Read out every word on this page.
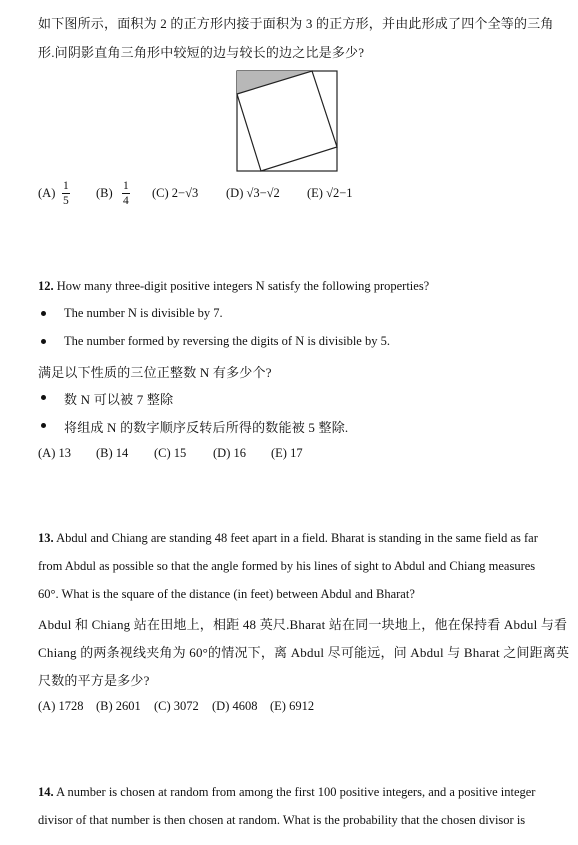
如下图所示，面积为 2 的正方形内接于面积为 3 的正方形，并由此形成了四个全等的三角
形.问阴影直角三角形中较短的边与较长的边之比是多少?
$(A) \frac{1}{5} (B) \frac{1}{4} (C)$ 2−√3 (D) √3−√2 (E) √2−1
12. How many three-digit positive integers N satisfy the following properties?
The number N is divisible by 7.
The number formed by reversing the digits of N is divisible by 5.
满足以下性质的三位正整数 N 有多少个?
数 N 可以被 7 整除
将组成 N 的数字顺序反转后所得的数能被 5 整除.
(A) 13 (B) 14 (C) 15 (D) 16 (E) 17
13. Abdul and Chiang are standing 48 feet apart in a field. Bharat is standing in the same field as far
from Abdul as possible so that the angle formed by his lines of sight to Abdul and Chiang measures
60°. What is the square of the distance (in feet) between Abdul and Bharat?
Abdul 和 Chiang 站在田地上，相距 48 英尺.Bharat 站在同一块地上，他在保持看 Abdul 与看
Chiang 的两条视线夹角为 60°的情况下，离 Abdul 尽可能远，问 Abdul 与 Bharat 之间距离英
尺数的平方是多少?
(A) 1728 (B) 2601 (C) 3072 (D) 4608 (E) 6912
14. A number is chosen at random from among the first 100 positive integers, and a positive integer
divisor of that number is then chosen at random. What is the probability that the chosen divisor is
